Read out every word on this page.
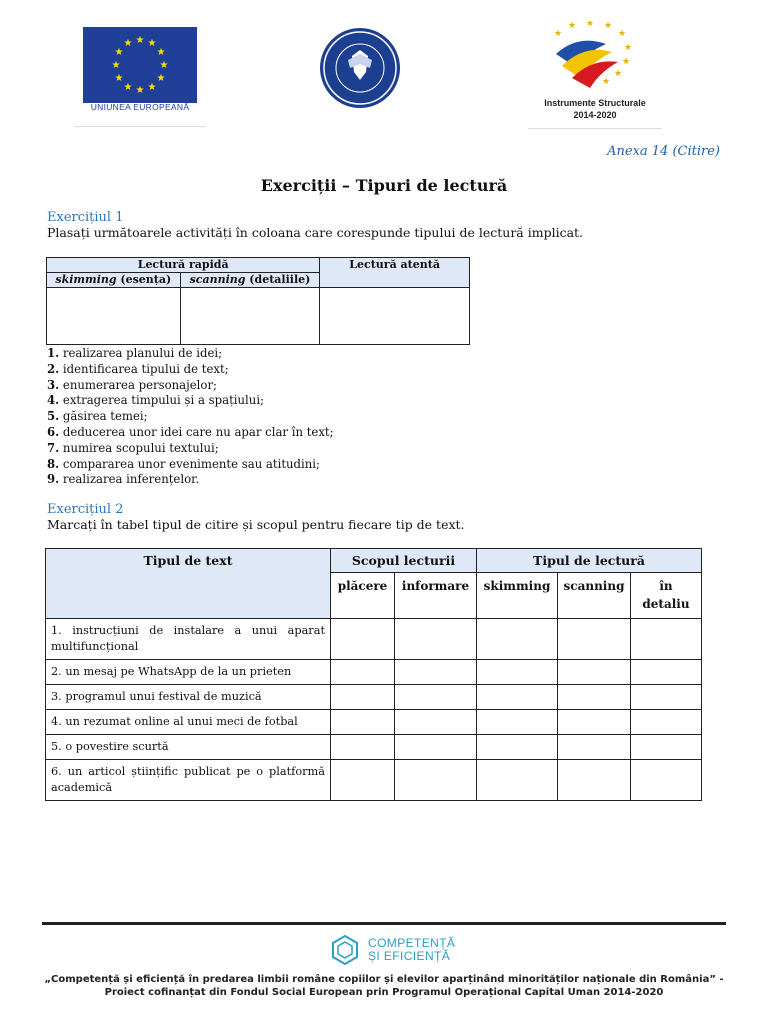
★ ★
★
★
★
★
★
★
★
★
★
★
UNIUNEA EUROPEANĂ
★ ★ ★
★
★
★
★
★
★
Instrumente Structurale
2014-2020
Anexa 14 (Citire)
Exerciții – Tipuri de lectură
Exercițiul 1
Plasați următoarele activități în coloana care corespunde tipului de lectură implicat.
Lectură rapidă		Lectură atentă
skimming (esența)	scanning (detaliile)	

1. realizarea planului de idei;
2. identificarea tipului de text;
3. enumerarea personajelor;
4. extragerea timpului și a spațiului;
5. găsirea temei;
6. deducerea unor idei care nu apar clar în text;
7. numirea scopului textului;
8. compararea unor evenimente sau atitudini;
9. realizarea inferențelor.
Exercițiul 2
Marcați în tabel tipul de citire și scopul pentru fiecare tip de text.
Tipul de text	Scopul lecturii		Tipul de lectură		
	plăcere	informare	skimming	scanning	în
detaliu
1. instrucțiuni de instalare a unui aparat multifuncțional					
2. un mesaj pe WhatsApp de la un prieten					
3. programul unui festival de muzică					
4. un rezumat online al unui meci de fotbal					
5. o povestire scurtă					
6. un articol științific publicat pe o platformă academică					
COMPETENȚĂ
ȘI EFICIENȚĂ
„Competență și eficiență în predarea limbii române copiilor și elevilor aparținând minorităților naționale din România” -
Proiect cofinanțat din Fondul Social European prin Programul Operațional Capital Uman 2014-2020
